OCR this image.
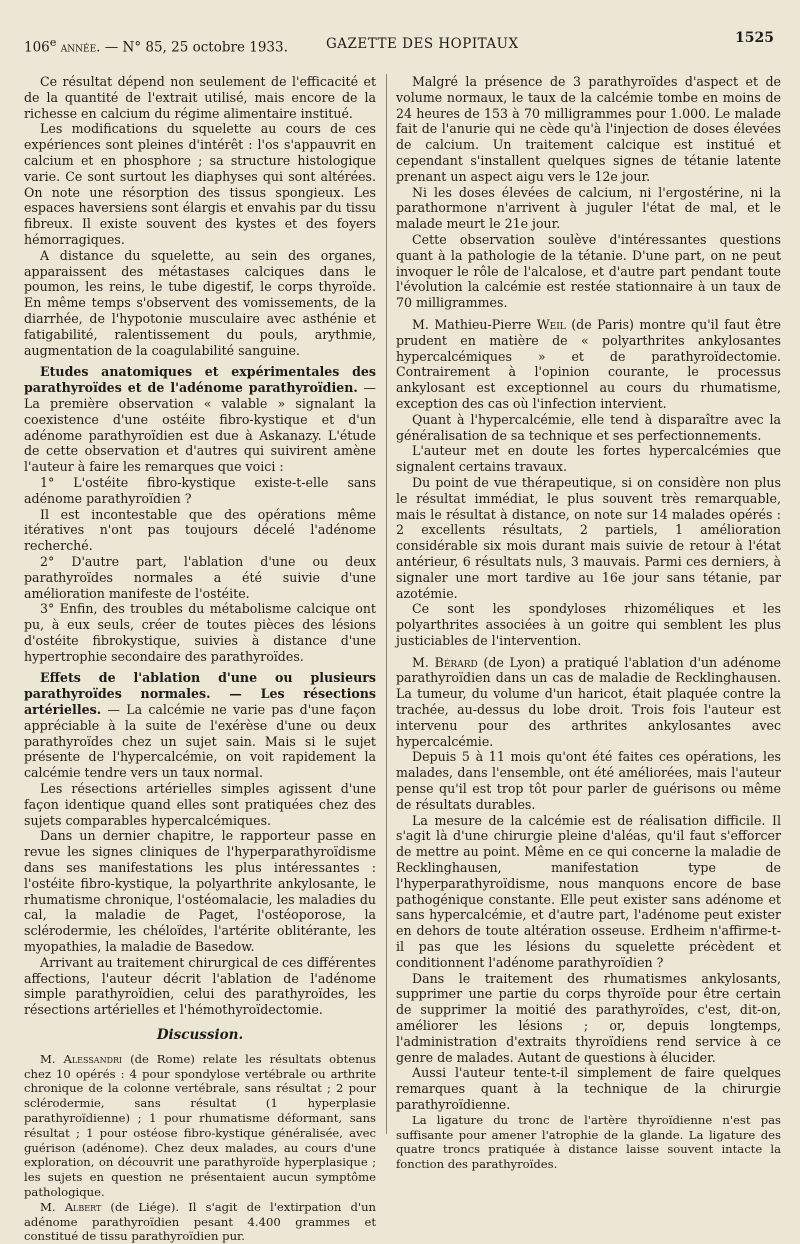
106e année. — N° 85, 25 octobre 1933.	GAZETTE DES HOPITAUX	1525

Ce résultat dépend non seulement de l'efficacité et de la quantité de l'extrait utilisé, mais encore de la richesse en calcium du régime alimentaire institué.

Les modifications du squelette au cours de ces expériences sont pleines d'intérêt : l'os s'appauvrit en calcium et en phosphore ; sa structure histologique varie. Ce sont surtout les diaphyses qui sont altérées. On note une résorption des tissus spongieux. Les espaces haversiens sont élargis et envahis par du tissu fibreux. Il existe souvent des kystes et des foyers hémorragiques.

A distance du squelette, au sein des organes, apparaissent des métastases calciques dans le poumon, les reins, le tube digestif, le corps thyroïde. En même temps s'observent des vomissements, de la diarrhée, de l'hypotonie musculaire avec asthénie et fatigabilité, ralentissement du pouls, arythmie, augmentation de la coagulabilité sanguine.

Etudes anatomiques et expérimentales des parathyroïdes et de l'adénome parathyroïdien. — La première observation « valable » signalant la coexistence d'une ostéite fibro-kystique et d'un adénome parathyroïdien est due à Askanazy. L'étude de cette observation et d'autres qui suivirent amène l'auteur à faire les remarques que voici :

1° L'ostéite fibro-kystique existe-t-elle sans adénome parathyroïdien ?

Il est incontestable que des opérations même itératives n'ont pas toujours décelé l'adénome recherché.

2° D'autre part, l'ablation d'une ou deux parathyroïdes normales a été suivie d'une amélioration manifeste de l'ostéite.

3° Enfin, des troubles du métabolisme calcique ont pu, à eux seuls, créer de toutes pièces des lésions d'ostéite fibrokystique, suivies à distance d'une hypertrophie secondaire des parathyroïdes.

Effets de l'ablation d'une ou plusieurs parathyroïdes normales. — Les résections artérielles. — La calcémie ne varie pas d'une façon appréciable à la suite de l'exérèse d'une ou deux parathyroïdes chez un sujet sain. Mais si le sujet présente de l'hypercalcémie, on voit rapidement la calcémie tendre vers un taux normal.

Les résections artérielles simples agissent d'une façon identique quand elles sont pratiquées chez des sujets comparables hypercalcémiques.

Dans un dernier chapitre, le rapporteur passe en revue les signes cliniques de l'hyperparathyroïdisme dans ses manifestations les plus intéressantes : l'ostéite fibro-kystique, la polyarthrite ankylosante, le rhumatisme chronique, l'ostéomalacie, les maladies du cal, la maladie de Paget, l'ostéoporose, la sclérodermie, les chéloïdes, l'artérite oblitérante, les myopathies, la maladie de Basedow.

Arrivant au traitement chirurgical de ces différentes affections, l'auteur décrit l'ablation de l'adénome simple parathyroïdien, celui des parathyroïdes, les résections artérielles et l'hémothyroïdectomie.

Discussion.

M. Alessandri (de Rome) relate les résultats obtenus chez 10 opérés : 4 pour spondylose vertébrale ou arthrite chronique de la colonne vertébrale, sans résultat ; 2 pour sclérodermie, sans résultat (1 hyperplasie parathyroïdienne) ; 1 pour rhumatisme déformant, sans résultat ; 1 pour ostéose fibro-kystique généralisée, avec guérison (adénome). Chez deux malades, au cours d'une exploration, on découvrit une parathyroïde hyperplasique ; les sujets en question ne présentaient aucun symptôme pathologique.

M. Albert (de Liége). Il s'agit de l'extirpation d'un adénome parathyroïdien pesant 4.400 grammes et constitué de tissu parathyroïdien pur.

Malgré la présence de 3 parathyroïdes d'aspect et de volume normaux, le taux de la calcémie tombe en moins de 24 heures de 153 à 70 milligrammes pour 1.000. Le malade fait de l'anurie qui ne cède qu'à l'injection de doses élevées de calcium. Un traitement calcique est institué et cependant s'installent quelques signes de tétanie latente prenant un aspect aigu vers le 12e jour.

Ni les doses élevées de calcium, ni l'ergostérine, ni la parathormone n'arrivent à juguler l'état de mal, et le malade meurt le 21e jour.

Cette observation soulève d'intéressantes questions quant à la pathologie de la tétanie. D'une part, on ne peut invoquer le rôle de l'alcalose, et d'autre part pendant toute l'évolution la calcémie est restée stationnaire à un taux de 70 milligrammes.

M. Mathieu-Pierre Weil (de Paris) montre qu'il faut être prudent en matière de « polyarthrites ankylosantes hypercalcémiques » et de parathyroïdectomie. Contrairement à l'opinion courante, le processus ankylosant est exceptionnel au cours du rhumatisme, exception des cas où l'infection intervient.

Quant à l'hypercalcémie, elle tend à disparaître avec la généralisation de sa technique et ses perfectionnements.

L'auteur met en doute les fortes hypercalcémies que signalent certains travaux.

Du point de vue thérapeutique, si on considère non plus le résultat immédiat, le plus souvent très remarquable, mais le résultat à distance, on note sur 14 malades opérés : 2 excellents résultats, 2 partiels, 1 amélioration considérable six mois durant mais suivie de retour à l'état antérieur, 6 résultats nuls, 3 mauvais. Parmi ces derniers, à signaler une mort tardive au 16e jour sans tétanie, par azotémie.

Ce sont les spondyloses rhizoméliques et les polyarthrites associées à un goitre qui semblent les plus justiciables de l'intervention.

M. Bérard (de Lyon) a pratiqué l'ablation d'un adénome parathyroïdien dans un cas de maladie de Recklinghausen. La tumeur, du volume d'un haricot, était plaquée contre la trachée, au-dessus du lobe droit. Trois fois l'auteur est intervenu pour des arthrites ankylosantes avec hypercalcémie.

Depuis 5 à 11 mois qu'ont été faites ces opérations, les malades, dans l'ensemble, ont été améliorées, mais l'auteur pense qu'il est trop tôt pour parler de guérisons ou même de résultats durables.

La mesure de la calcémie est de réalisation difficile. Il s'agit là d'une chirurgie pleine d'aléas, qu'il faut s'efforcer de mettre au point. Même en ce qui concerne la maladie de Recklinghausen, manifestation type de l'hyperparathyroïdisme, nous manquons encore de base pathogénique constante. Elle peut exister sans adénome et sans hypercalcémie, et d'autre part, l'adénome peut exister en dehors de toute altération osseuse. Erdheim n'affirme-t-il pas que les lésions du squelette précèdent et conditionnent l'adénome parathyroïdien ?

Dans le traitement des rhumatismes ankylosants, supprimer une partie du corps thyroïde pour être certain de supprimer la moitié des parathyroïdes, c'est, dit-on, améliorer les lésions ; or, depuis longtemps, l'administration d'extraits thyroïdiens rend service à ce genre de malades. Autant de questions à élucider.

Aussi l'auteur tente-t-il simplement de faire quelques remarques quant à la technique de la chirurgie parathyroïdienne.

La ligature du tronc de l'artère thyroïdienne n'est pas suffisante pour amener l'atrophie de la glande. La ligature des quatre troncs pratiquée à distance laisse souvent intacte la fonction des parathyroïdes.
